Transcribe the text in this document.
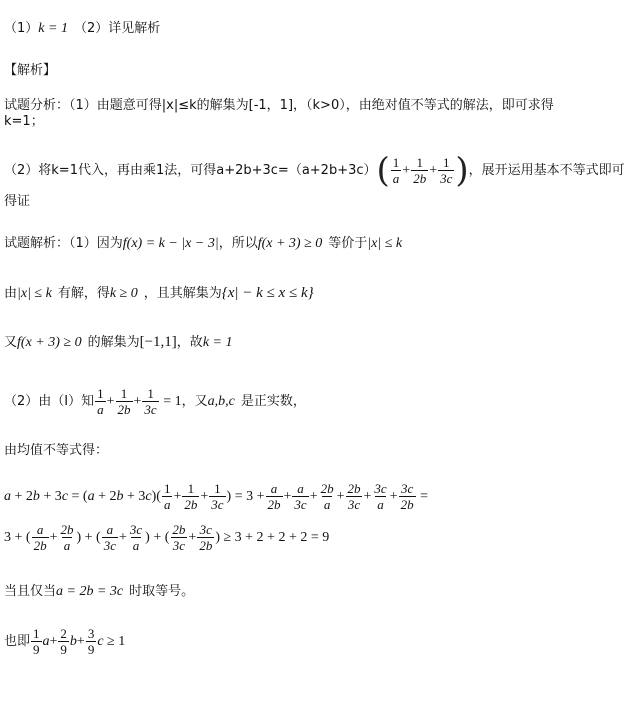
（1）k = 1 （2）详见解析
【解析】
试题分析：（1）由题意可得|x|≤k的解集为[-1，1]，（k>0），由绝对值不等式的解法，即可求得
k=1；
（2）将k=1代入，再由乘1法，可得$a+2b+3c=(a+2b+3c)( \frac{1}{a} + \frac{1}{2b} + \frac{1}{3c}$ )，展开运用基本不等式即可
得证
试题解析：（1）因为f(x) = k − |x − 3|，所以f(x + 3) ≥ 0 等价于|x| ≤ k
由|x| ≤ k 有解，得k ≥ 0 ，且其解集为{x| − k ≤ x ≤ k}
又f(x + 3) ≥ 0 的解集为[−1,1]，故k = 1
（2）由（Ⅰ）知 $\frac{1}{a} + \frac{1}{2b} + \frac{1}{3c} = 1$，又a,b,c 是正实数，
由均值不等式得：
$a + 2b + 3c = (a + 2b + 3c)( \frac{1}{a} + \frac{1}{2b} + \frac{1}{3c}$ ) = $3 + \frac{a}{2b} + \frac{a}{3c} + \frac{2b}{a} + \frac{2b}{3c} + \frac{3c}{a} + \frac{3c}{2b}$ =
3 + ( $\frac{a}{2b} + \frac{2b}{a}$ ) + ( $\frac{a}{3c} + \frac{3c}{a}$ ) + ( $\frac{2b}{3c} + \frac{3c}{2b}$ ) ≥ 3 + 2 + 2 + 2 = 9
当且仅当a = 2b = 3c 时取等号。
也即 $\frac{1}{9} a+ \frac{2}{9} b+ \frac{3}{9}$ c ≥ 1
